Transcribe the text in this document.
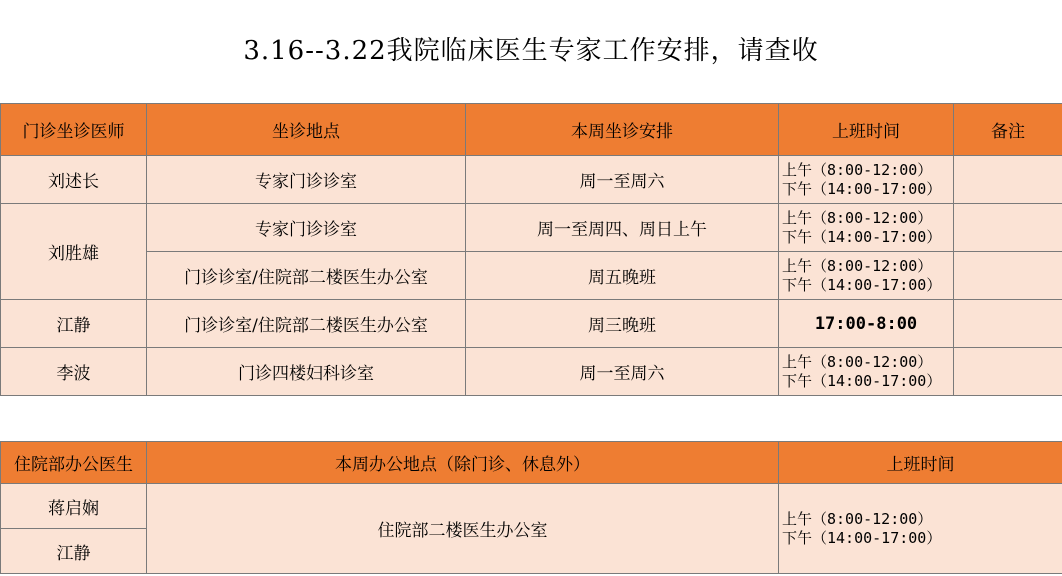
3.16--3.22我院临床医生专家工作安排，请查收
门诊坐诊医师	坐诊地点	本周坐诊安排	上班时间	备注
刘述长	专家门诊诊室	周一至周六	上午（8:00-12:00）
下午（14:00-17:00）	

刘胜雄	专家门诊诊室	周一至周四、周日上午	上午（8:00-12:00）
下午（14:00-17:00）	

	门诊诊室/住院部二楼医生办公室	周五晚班	上午（8:00-12:00）
下午（14:00-17:00）	

江静	门诊诊室/住院部二楼医生办公室	周三晚班	17:00-8:00	
李波	门诊四楼妇科诊室	周一至周六	上午（8:00-12:00）
下午（14:00-17:00）	

住院部办公医生	本周办公地点（除门诊、休息外）	上班时间
蒋启娴	住院部二楼医生办公室	上午（8:00-12:00）
下午（14:00-17:00）

江静		
